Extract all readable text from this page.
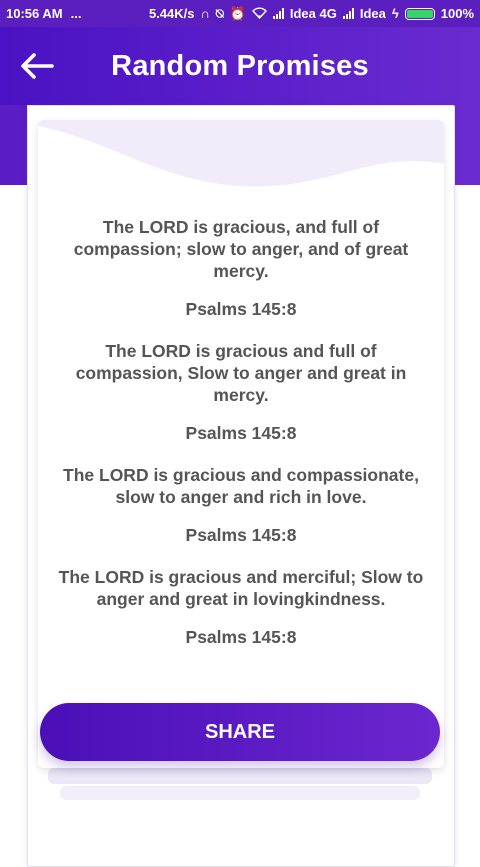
10:56 AM ...	5.44K/s ∩ ⍉ ⏰	Idea 4G Idea ϟ	100%
Random Promises
The LORD is gracious, and full of compassion; slow to anger, and of great mercy.
Psalms 145:8
The LORD is gracious and full of compassion, Slow to anger and great in mercy.
Psalms 145:8
The LORD is gracious and compassionate, slow to anger and rich in love.
Psalms 145:8
The LORD is gracious and merciful; Slow to anger and great in lovingkindness.
Psalms 145:8
SHARE
